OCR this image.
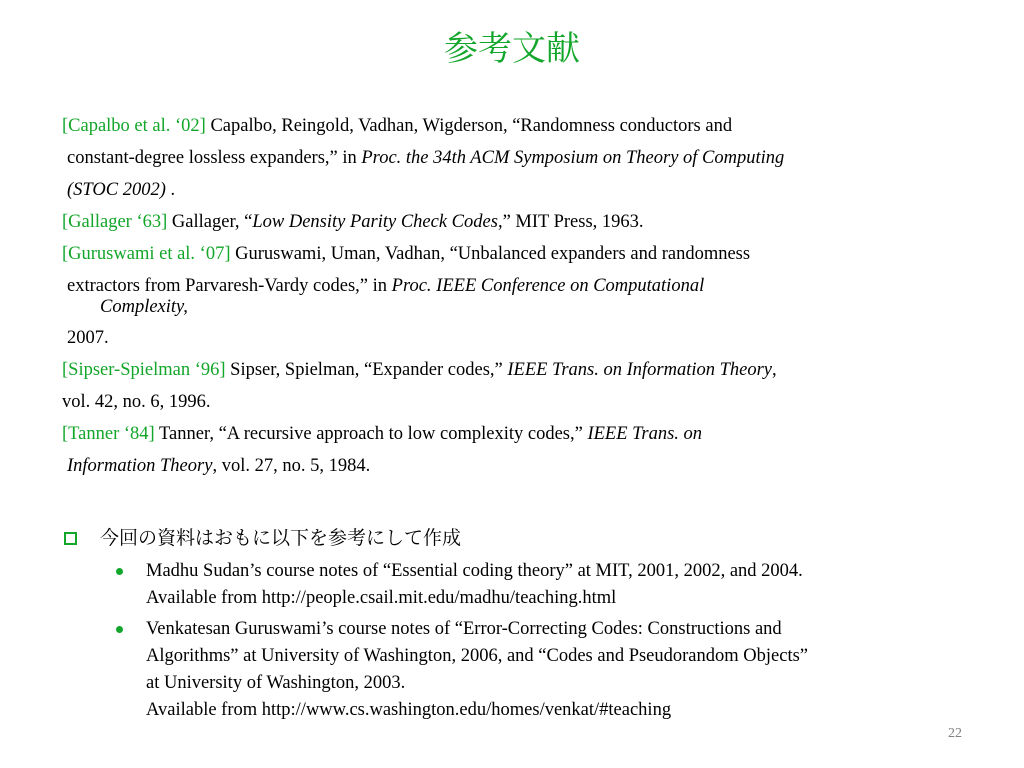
参考文献
[Capalbo et al. ‘02] Capalbo, Reingold, Vadhan, Wigderson, “Randomness conductors and
constant-degree lossless expanders,” in Proc. the 34th ACM Symposium on Theory of Computing
(STOC 2002) .
[Gallager ‘63] Gallager, “Low Density Parity Check Codes,” MIT Press, 1963.
[Guruswami et al. ‘07] Guruswami, Uman, Vadhan, “Unbalanced expanders and randomness
extractors from Parvaresh-Vardy codes,” in Proc. IEEE Conference on Computational
Complexity,
2007.
[Sipser-Spielman ‘96] Sipser, Spielman, “Expander codes,” IEEE Trans. on Information Theory,
vol. 42, no. 6, 1996.
[Tanner ‘84] Tanner, “A recursive approach to low complexity codes,” IEEE Trans. on
Information Theory, vol. 27, no. 5, 1984.
今回の資料はおもに以下を参考にして作成
Madhu Sudan’s course notes of “Essential coding theory” at MIT, 2001, 2002, and 2004.
Available from http://people.csail.mit.edu/madhu/teaching.html
Venkatesan Guruswami’s course notes of “Error-Correcting Codes: Constructions and
Algorithms” at University of Washington, 2006, and “Codes and Pseudorandom Objects”
at University of Washington, 2003.
Available from http://www.cs.washington.edu/homes/venkat/#teaching
22
